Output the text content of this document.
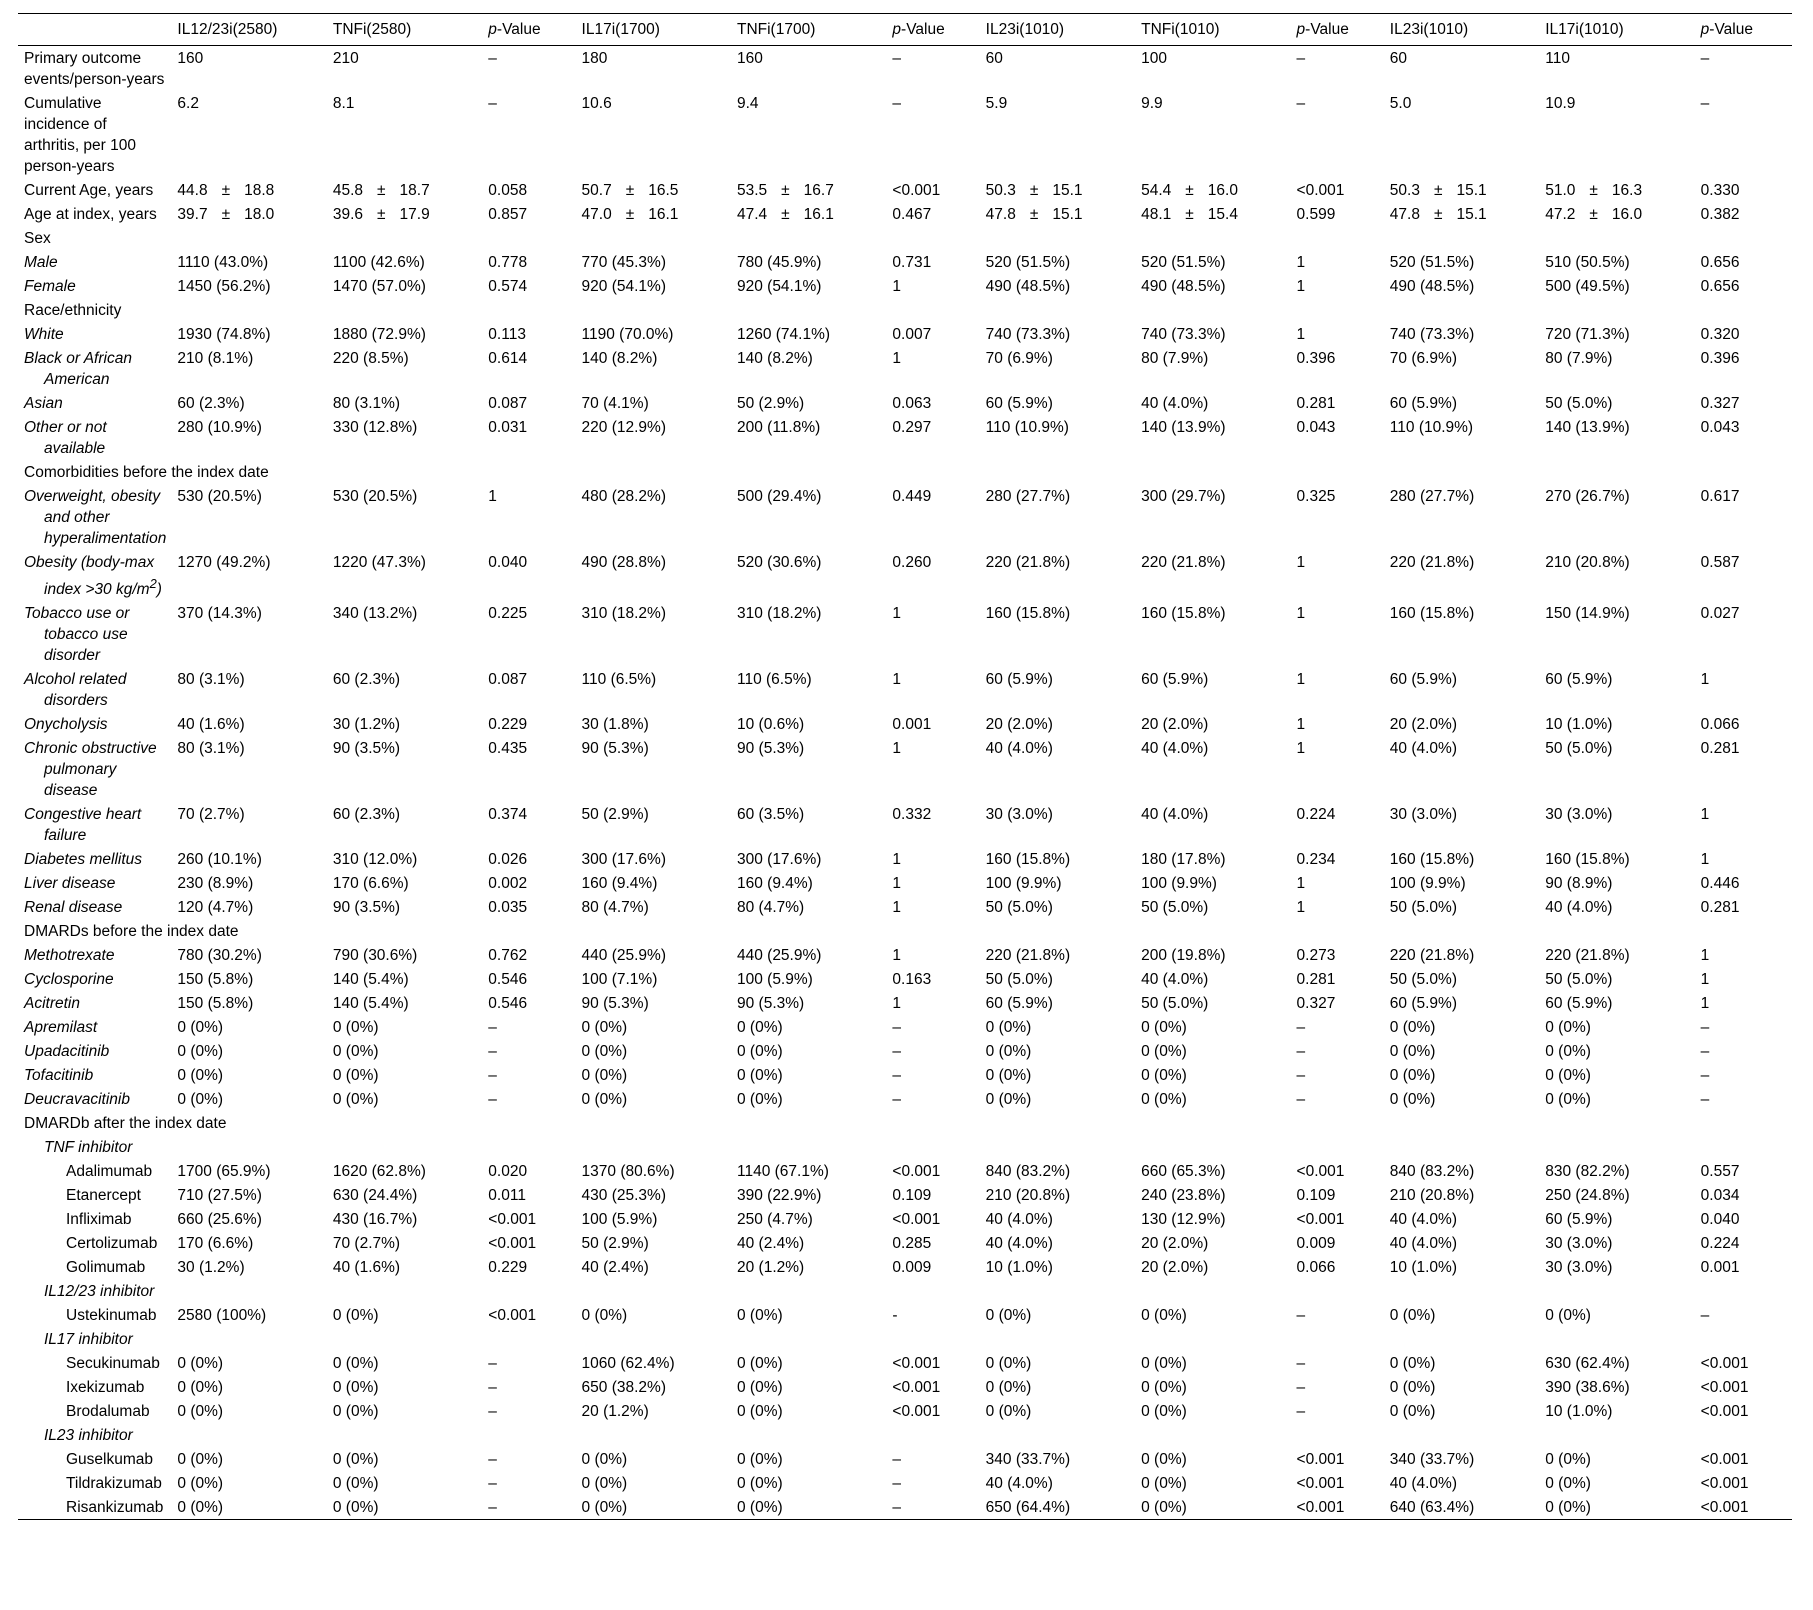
	IL12/23i(2580)	TNFi(2580)	p-Value	IL17i(1700)	TNFi(1700)	p-Value	IL23i(1010)	TNFi(1010)	p-Value	IL23i(1010)	IL17i(1010)	p-Value
Primary outcome events/person-years	160	210	–	180	160	–	60	100	–	60	110	–
Cumulative incidence of arthritis, per 100 person-years	6.2	8.1	–	10.6	9.4	–	5.9	9.9	–	5.0	10.9	–
Current Age, years	44.8 ± 18.8	45.8 ± 18.7	0.058	50.7 ± 16.5	53.5 ± 16.7	<0.001	50.3 ± 15.1	54.4 ± 16.0	<0.001	50.3 ± 15.1	51.0 ± 16.3	0.330
Age at index, years	39.7 ± 18.0	39.6 ± 17.9	0.857	47.0 ± 16.1	47.4 ± 16.1	0.467	47.8 ± 15.1	48.1 ± 15.4	0.599	47.8 ± 15.1	47.2 ± 16.0	0.382
Sex												
Male	1110 (43.0%)	1100 (42.6%)	0.778	770 (45.3%)	780 (45.9%)	0.731	520 (51.5%)	520 (51.5%)	1	520 (51.5%)	510 (50.5%)	0.656
Female	1450 (56.2%)	1470 (57.0%)	0.574	920 (54.1%)	920 (54.1%)	1	490 (48.5%)	490 (48.5%)	1	490 (48.5%)	500 (49.5%)	0.656
Race/ethnicity												
White	1930 (74.8%)	1880 (72.9%)	0.113	1190 (70.0%)	1260 (74.1%)	0.007	740 (73.3%)	740 (73.3%)	1	740 (73.3%)	720 (71.3%)	0.320
Black or African American	210 (8.1%)	220 (8.5%)	0.614	140 (8.2%)	140 (8.2%)	1	70 (6.9%)	80 (7.9%)	0.396	70 (6.9%)	80 (7.9%)	0.396
Asian	60 (2.3%)	80 (3.1%)	0.087	70 (4.1%)	50 (2.9%)	0.063	60 (5.9%)	40 (4.0%)	0.281	60 (5.9%)	50 (5.0%)	0.327
Other or not available	280 (10.9%)	330 (12.8%)	0.031	220 (12.9%)	200 (11.8%)	0.297	110 (10.9%)	140 (13.9%)	0.043	110 (10.9%)	140 (13.9%)	0.043
Comorbidities before the index date												
Overweight, obesity and other hyperalimentation	530 (20.5%)	530 (20.5%)	1	480 (28.2%)	500 (29.4%)	0.449	280 (27.7%)	300 (29.7%)	0.325	280 (27.7%)	270 (26.7%)	0.617
Obesity (body-max index >30 $kg/m^2$)	1270 (49.2%)	1220 (47.3%)	0.040	490 (28.8%)	520 (30.6%)	0.260	220 (21.8%)	220 (21.8%)	1	220 (21.8%)	210 (20.8%)	0.587
Tobacco use or tobacco use disorder	370 (14.3%)	340 (13.2%)	0.225	310 (18.2%)	310 (18.2%)	1	160 (15.8%)	160 (15.8%)	1	160 (15.8%)	150 (14.9%)	0.027
Alcohol related disorders	80 (3.1%)	60 (2.3%)	0.087	110 (6.5%)	110 (6.5%)	1	60 (5.9%)	60 (5.9%)	1	60 (5.9%)	60 (5.9%)	1
Onycholysis	40 (1.6%)	30 (1.2%)	0.229	30 (1.8%)	10 (0.6%)	0.001	20 (2.0%)	20 (2.0%)	1	20 (2.0%)	10 (1.0%)	0.066
Chronic obstructive pulmonary disease	80 (3.1%)	90 (3.5%)	0.435	90 (5.3%)	90 (5.3%)	1	40 (4.0%)	40 (4.0%)	1	40 (4.0%)	50 (5.0%)	0.281
Congestive heart failure	70 (2.7%)	60 (2.3%)	0.374	50 (2.9%)	60 (3.5%)	0.332	30 (3.0%)	40 (4.0%)	0.224	30 (3.0%)	30 (3.0%)	1
Diabetes mellitus	260 (10.1%)	310 (12.0%)	0.026	300 (17.6%)	300 (17.6%)	1	160 (15.8%)	180 (17.8%)	0.234	160 (15.8%)	160 (15.8%)	1
Liver disease	230 (8.9%)	170 (6.6%)	0.002	160 (9.4%)	160 (9.4%)	1	100 (9.9%)	100 (9.9%)	1	100 (9.9%)	90 (8.9%)	0.446
Renal disease	120 (4.7%)	90 (3.5%)	0.035	80 (4.7%)	80 (4.7%)	1	50 (5.0%)	50 (5.0%)	1	50 (5.0%)	40 (4.0%)	0.281
DMARDs before the index date												
Methotrexate	780 (30.2%)	790 (30.6%)	0.762	440 (25.9%)	440 (25.9%)	1	220 (21.8%)	200 (19.8%)	0.273	220 (21.8%)	220 (21.8%)	1
Cyclosporine	150 (5.8%)	140 (5.4%)	0.546	100 (7.1%)	100 (5.9%)	0.163	50 (5.0%)	40 (4.0%)	0.281	50 (5.0%)	50 (5.0%)	1
Acitretin	150 (5.8%)	140 (5.4%)	0.546	90 (5.3%)	90 (5.3%)	1	60 (5.9%)	50 (5.0%)	0.327	60 (5.9%)	60 (5.9%)	1
Apremilast	0 (0%)	0 (0%)	–	0 (0%)	0 (0%)	–	0 (0%)	0 (0%)	–	0 (0%)	0 (0%)	–
Upadacitinib	0 (0%)	0 (0%)	–	0 (0%)	0 (0%)	–	0 (0%)	0 (0%)	–	0 (0%)	0 (0%)	–
Tofacitinib	0 (0%)	0 (0%)	–	0 (0%)	0 (0%)	–	0 (0%)	0 (0%)	–	0 (0%)	0 (0%)	–
Deucravacitinib	0 (0%)	0 (0%)	–	0 (0%)	0 (0%)	–	0 (0%)	0 (0%)	–	0 (0%)	0 (0%)	–
DMARDb after the index date												
TNF inhibitor												
Adalimumab	1700 (65.9%)	1620 (62.8%)	0.020	1370 (80.6%)	1140 (67.1%)	<0.001	840 (83.2%)	660 (65.3%)	<0.001	840 (83.2%)	830 (82.2%)	0.557
Etanercept	710 (27.5%)	630 (24.4%)	0.011	430 (25.3%)	390 (22.9%)	0.109	210 (20.8%)	240 (23.8%)	0.109	210 (20.8%)	250 (24.8%)	0.034
Infliximab	660 (25.6%)	430 (16.7%)	<0.001	100 (5.9%)	250 (4.7%)	<0.001	40 (4.0%)	130 (12.9%)	<0.001	40 (4.0%)	60 (5.9%)	0.040
Certolizumab	170 (6.6%)	70 (2.7%)	<0.001	50 (2.9%)	40 (2.4%)	0.285	40 (4.0%)	20 (2.0%)	0.009	40 (4.0%)	30 (3.0%)	0.224
Golimumab	30 (1.2%)	40 (1.6%)	0.229	40 (2.4%)	20 (1.2%)	0.009	10 (1.0%)	20 (2.0%)	0.066	10 (1.0%)	30 (3.0%)	0.001
IL12/23 inhibitor												
Ustekinumab	2580 (100%)	0 (0%)	<0.001	0 (0%)	0 (0%)	-	0 (0%)	0 (0%)	–	0 (0%)	0 (0%)	–
IL17 inhibitor												
Secukinumab	0 (0%)	0 (0%)	–	1060 (62.4%)	0 (0%)	<0.001	0 (0%)	0 (0%)	–	0 (0%)	630 (62.4%)	<0.001
Ixekizumab	0 (0%)	0 (0%)	–	650 (38.2%)	0 (0%)	<0.001	0 (0%)	0 (0%)	–	0 (0%)	390 (38.6%)	<0.001
Brodalumab	0 (0%)	0 (0%)	–	20 (1.2%)	0 (0%)	<0.001	0 (0%)	0 (0%)	–	0 (0%)	10 (1.0%)	<0.001
IL23 inhibitor												
Guselkumab	0 (0%)	0 (0%)	–	0 (0%)	0 (0%)	–	340 (33.7%)	0 (0%)	<0.001	340 (33.7%)	0 (0%)	<0.001
Tildrakizumab	0 (0%)	0 (0%)	–	0 (0%)	0 (0%)	–	40 (4.0%)	0 (0%)	<0.001	40 (4.0%)	0 (0%)	<0.001
Risankizumab	0 (0%)	0 (0%)	–	0 (0%)	0 (0%)	–	650 (64.4%)	0 (0%)	<0.001	640 (63.4%)	0 (0%)	<0.001
